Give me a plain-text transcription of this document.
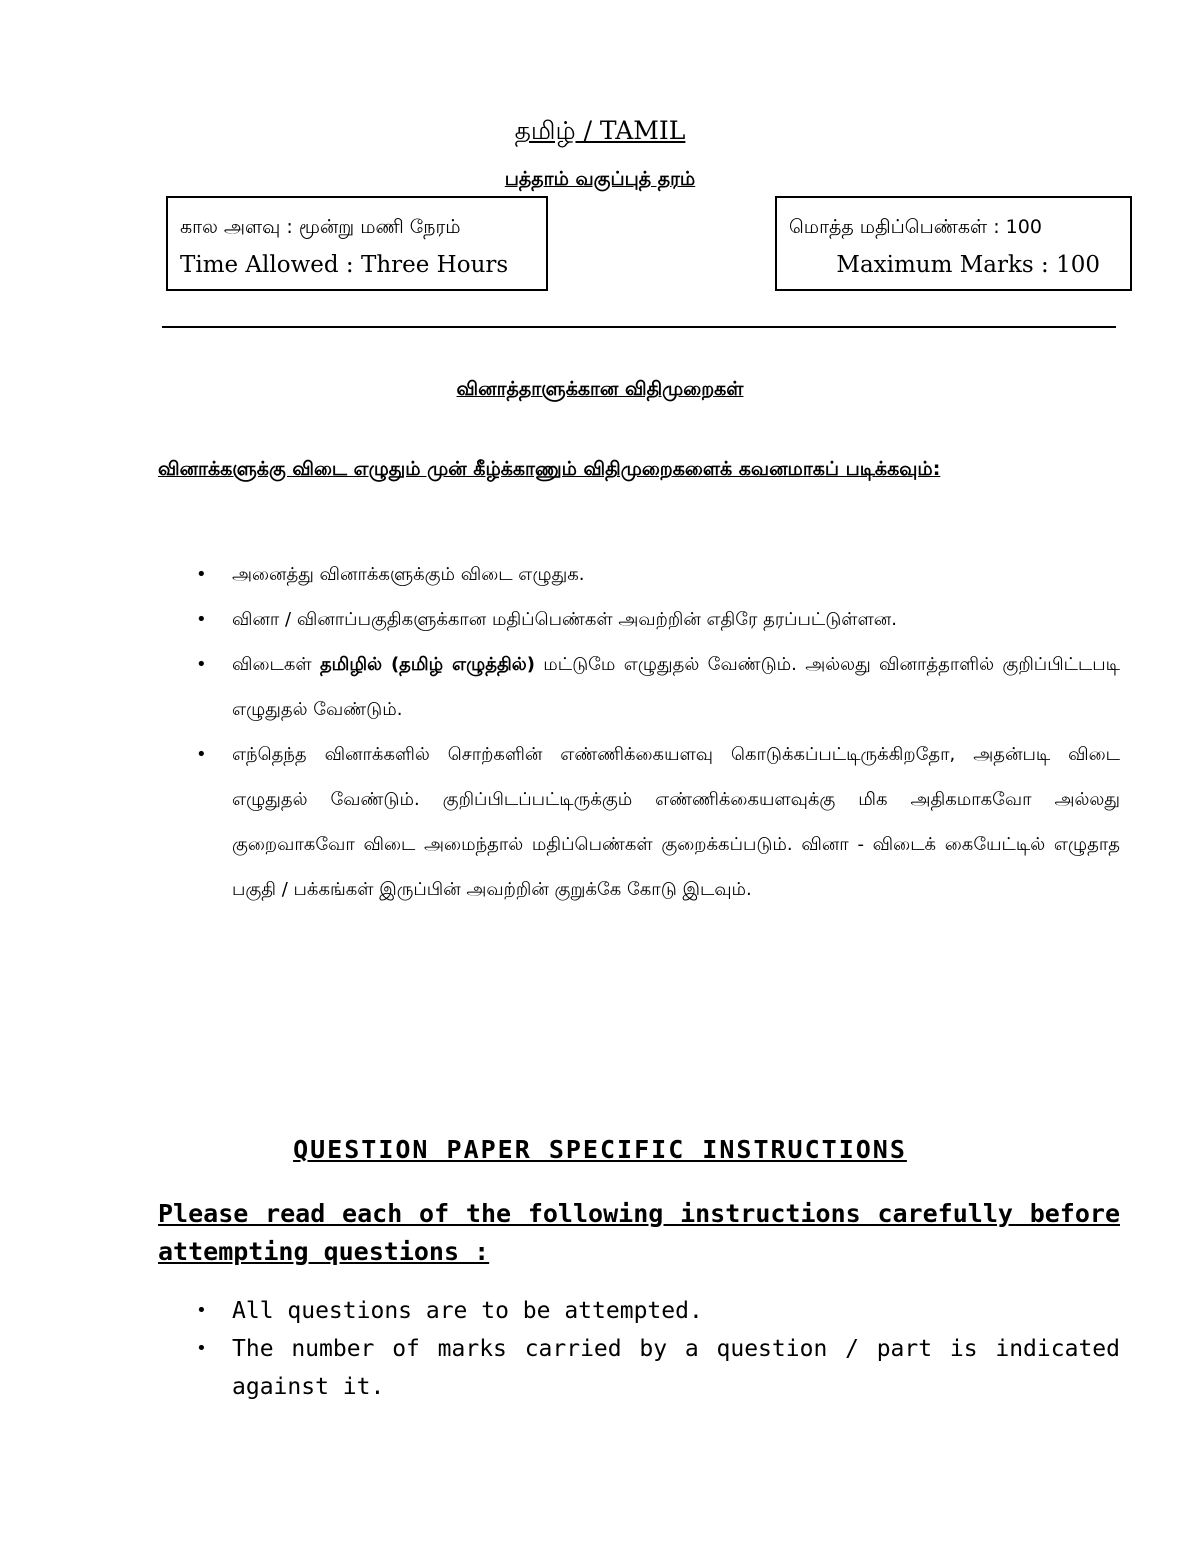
தமிழ் / TAMIL
பத்தாம் வகுப்புத் தரம்
கால அளவு : மூன்று மணி நேரம்
Time Allowed : Three Hours
மொத்த மதிப்பெண்கள் : 100
Maximum Marks : 100
வினாத்தாளுக்கான விதிமுறைகள்
வினாக்களுக்கு விடை எழுதும் முன் கீழ்க்காணும் விதிமுறைகளைக் கவனமாகப் படிக்கவும்:
• அனைத்து வினாக்களுக்கும் விடை எழுதுக.
• வினா / வினாப்பகுதிகளுக்கான மதிப்பெண்கள் அவற்றின் எதிரே தரப்பட்டுள்ளன.
• விடைகள் தமிழில் (தமிழ் எழுத்தில்) மட்டுமே எழுதுதல் வேண்டும். அல்லது வினாத்தாளில் குறிப்பிட்டபடி எழுதுதல் வேண்டும்.
• எந்தெந்த வினாக்களில் சொற்களின் எண்ணிக்கையளவு கொடுக்கப்பட்டிருக்கிறதோ, அதன்படி விடை எழுதுதல் வேண்டும். குறிப்பிடப்பட்டிருக்கும் எண்ணிக்கையளவுக்கு மிக அதிகமாகவோ அல்லது குறைவாகவோ விடை அமைந்தால் மதிப்பெண்கள் குறைக்கப்படும். வினா - விடைக் கையேட்டில் எழுதாத பகுதி / பக்கங்கள் இருப்பின் அவற்றின் குறுக்கே கோடு இடவும்.
QUESTION PAPER SPECIFIC INSTRUCTIONS
Please read each of the following instructions carefully before attempting questions :
• All questions are to be attempted.
• The number of marks carried by a question / part is indicated against it.
